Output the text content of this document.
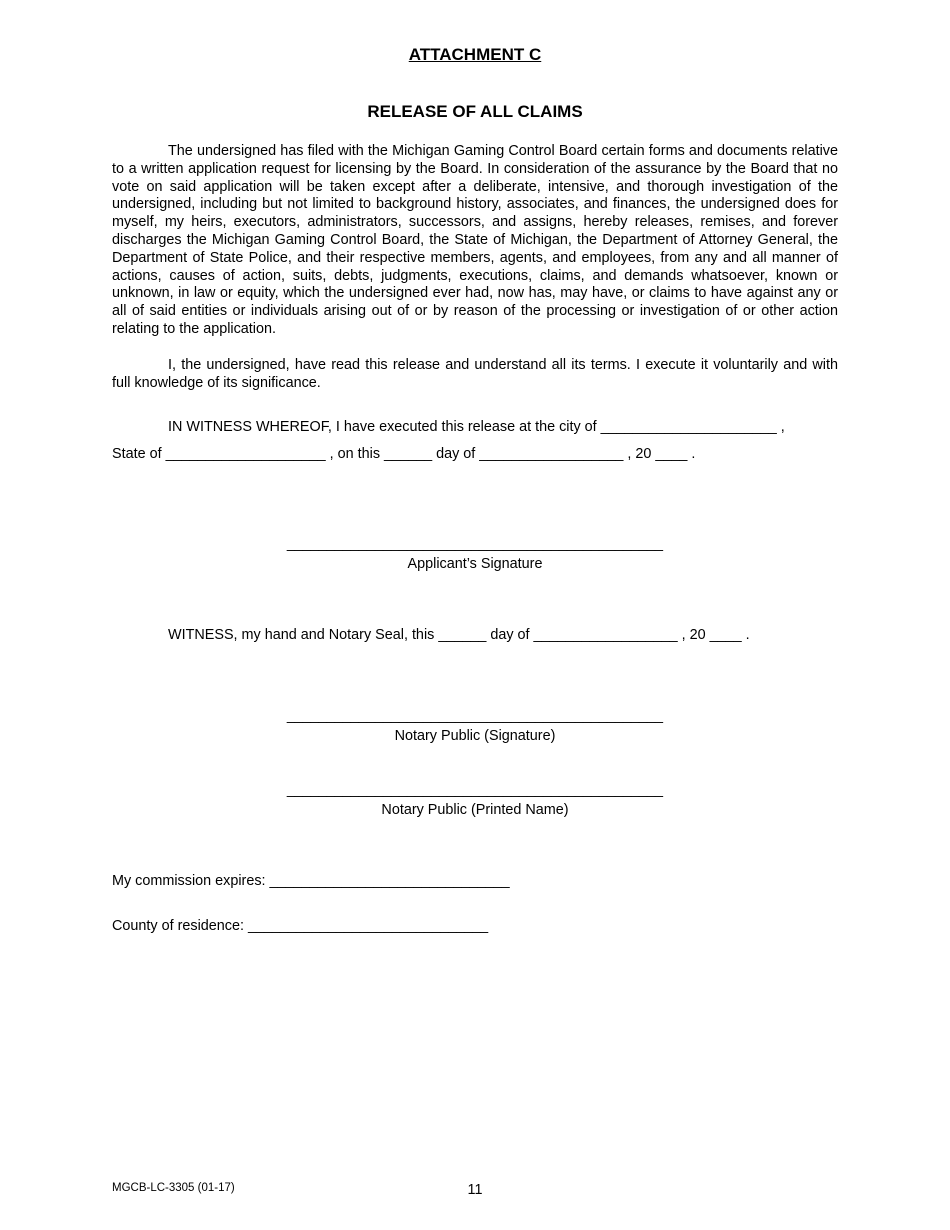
ATTACHMENT C
RELEASE OF ALL CLAIMS

The undersigned has filed with the Michigan Gaming Control Board certain forms and documents relative to a written application request for licensing by the Board. In consideration of the assurance by the Board that no vote on said application will be taken except after a deliberate, intensive, and thorough investigation of the undersigned, including but not limited to background history, associates, and finances, the undersigned does for myself, my heirs, executors, administrators, successors, and assigns, hereby releases, remises, and forever discharges the Michigan Gaming Control Board, the State of Michigan, the Department of Attorney General, the Department of State Police, and their respective members, agents, and employees, from any and all manner of actions, causes of action, suits, debts, judgments, executions, claims, and demands whatsoever, known or unknown, in law or equity, which the undersigned ever had, now has, may have, or claims to have against any or all of said entities or individuals arising out of or by reason of the processing or investigation of or other action relating to the application.

I, the undersigned, have read this release and understand all its terms. I execute it voluntarily and with full knowledge of its significance.

IN WITNESS WHEREOF, I have executed this release at the city of ______________________ ,
State of ____________________ , on this ______ day of __________________ , 20 ____ .
_______________________________________________
Applicant’s Signature
WITNESS, my hand and Notary Seal, this ______ day of __________________ , 20 ____ .
_______________________________________________
Notary Public (Signature)
_______________________________________________
Notary Public (Printed Name)
My commission expires: ______________________________
County of residence: ______________________________
MGCB-LC-3305 (01-17)	11
